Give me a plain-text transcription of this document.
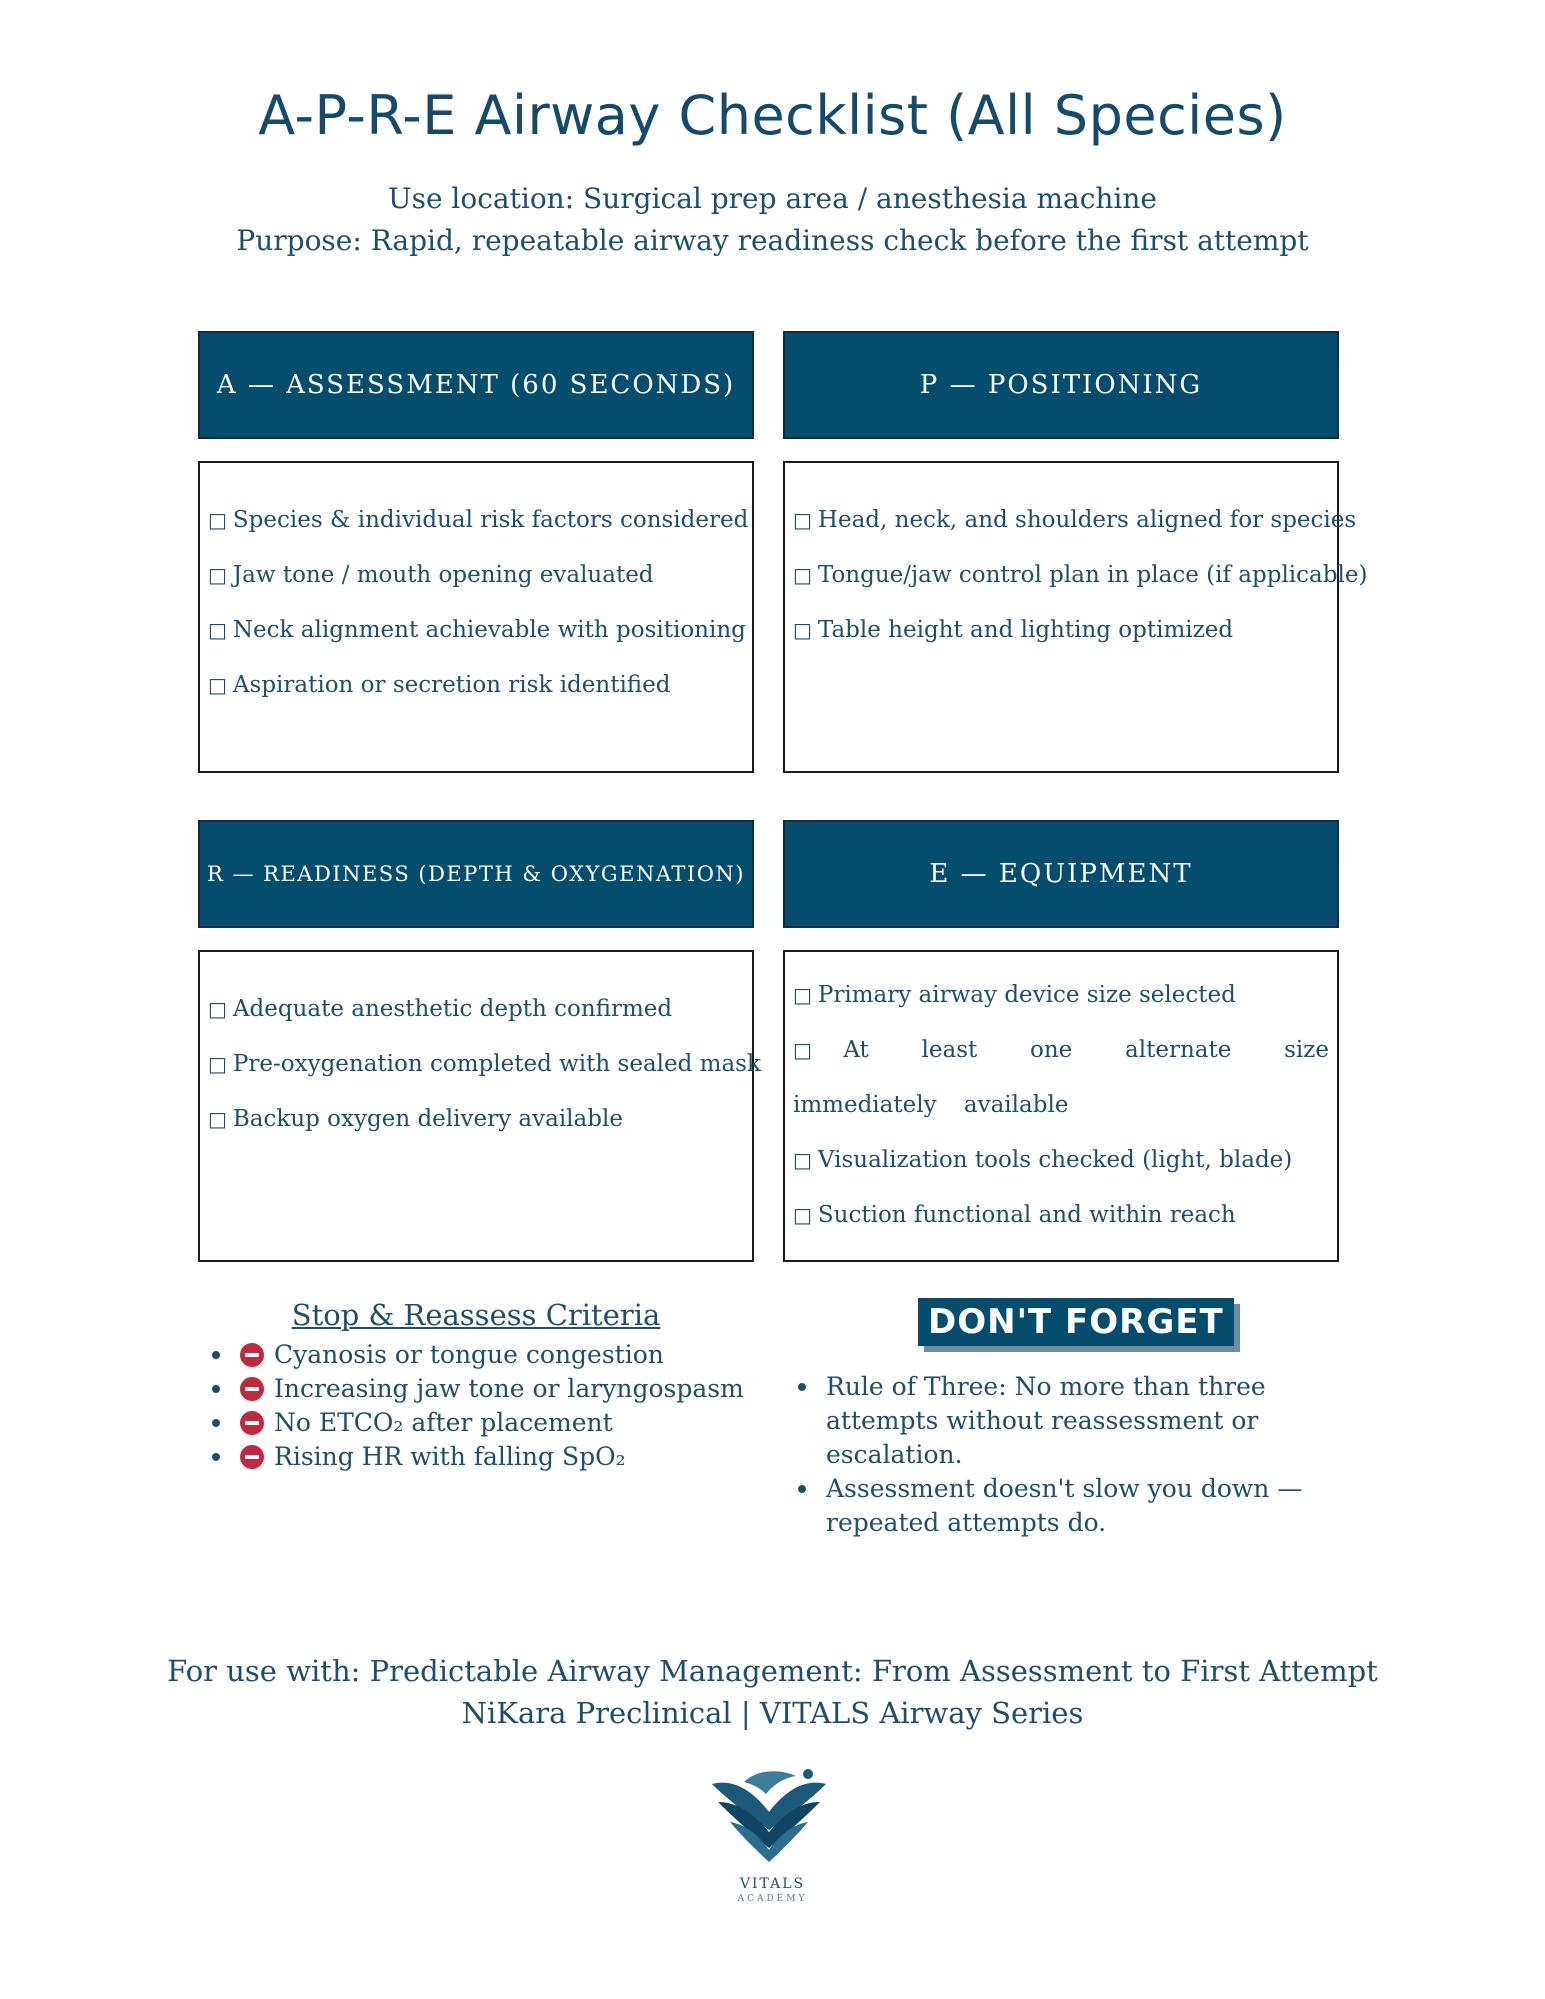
A-P-R-E Airway Checklist (All Species)
Use location: Surgical prep area / anesthesia machine
Purpose: Rapid, repeatable airway readiness check before the first attempt
A — ASSESSMENT (60 SECONDS)
□ Species & individual risk factors considered
□ Jaw tone / mouth opening evaluated
□ Neck alignment achievable with positioning
□ Aspiration or secretion risk identified
P — POSITIONING
□ Head, neck, and shoulders aligned for species
□ Tongue/jaw control plan in place (if applicable)
□ Table height and lighting optimized
R — READINESS (DEPTH & OXYGENATION)
□ Adequate anesthetic depth confirmed
□ Pre-oxygenation completed with sealed mask
□ Backup oxygen delivery available
E — EQUIPMENT
□ Primary airway device size selected
□ At least one alternate size immediately available
□ Visualization tools checked (light, blade)
□ Suction functional and within reach
Stop & Reassess Criteria
Cyanosis or tongue congestion
Increasing jaw tone or laryngospasm
No ETCO₂ after placement
Rising HR with falling SpO₂
DON'T FORGET
Rule of Three: No more than three attempts without reassessment or escalation.
Assessment doesn't slow you down — repeated attempts do.
For use with: Predictable Airway Management: From Assessment to First Attempt
NiKara Preclinical | VITALS Airway Series
VITALS
ACADEMY
